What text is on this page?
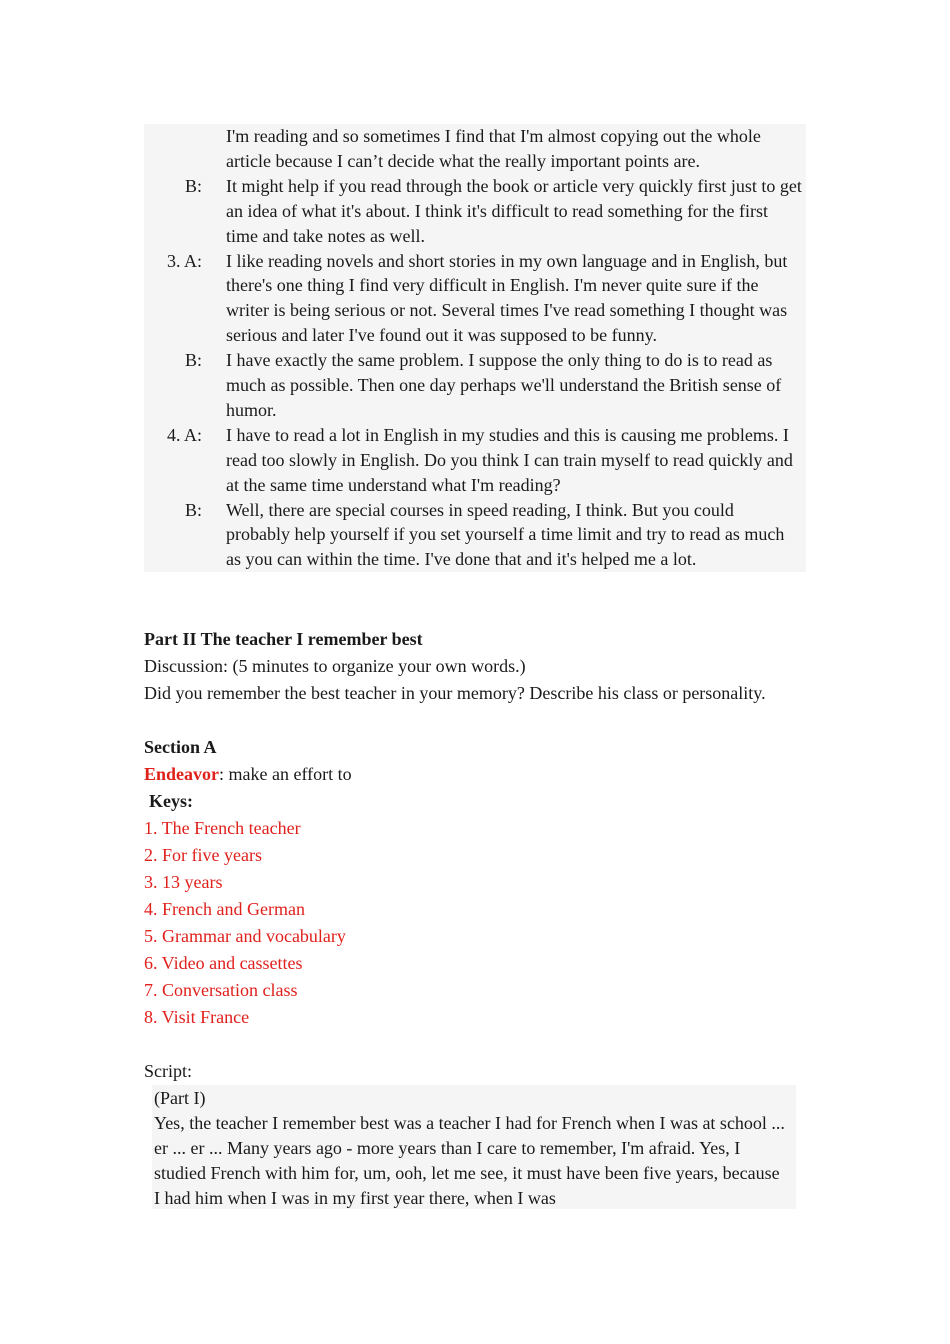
I'm reading and so sometimes I find that I'm almost copying out the whole article because I can’t decide what the really important points are.
B: It might help if you read through the book or article very quickly first just to get an idea of what it's about. I think it's difficult to read something for the first time and take notes as well.
3. A: I like reading novels and short stories in my own language and in English, but there's one thing I find very difficult in English. I'm never quite sure if the writer is being serious or not. Several times I've read something I thought was serious and later I've found out it was supposed to be funny.
B: I have exactly the same problem. I suppose the only thing to do is to read as much as possible. Then one day perhaps we'll understand the British sense of humor.
4. A: I have to read a lot in English in my studies and this is causing me problems. I read too slowly in English. Do you think I can train myself to read quickly and at the same time understand what I'm reading?
B: Well, there are special courses in speed reading, I think. But you could probably help yourself if you set yourself a time limit and try to read as much as you can within the time. I've done that and it's helped me a lot.
Part II The teacher I remember best
Discussion: (5 minutes to organize your own words.)
Did you remember the best teacher in your memory? Describe his class or personality.
Section A
Endeavor: make an effort to
Keys:
1. The French teacher
2. For five years
3. 13 years
4. French and German
5. Grammar and vocabulary
6. Video and cassettes
7. Conversation class
8. Visit France
Script:
(Part I)
Yes, the teacher I remember best was a teacher I had for French when I was at school ... er ... er ... Many years ago - more years than I care to remember, I'm afraid. Yes, I studied French with him for, um, ooh, let me see, it must have been five years, because I had him when I was in my first year there, when I was
